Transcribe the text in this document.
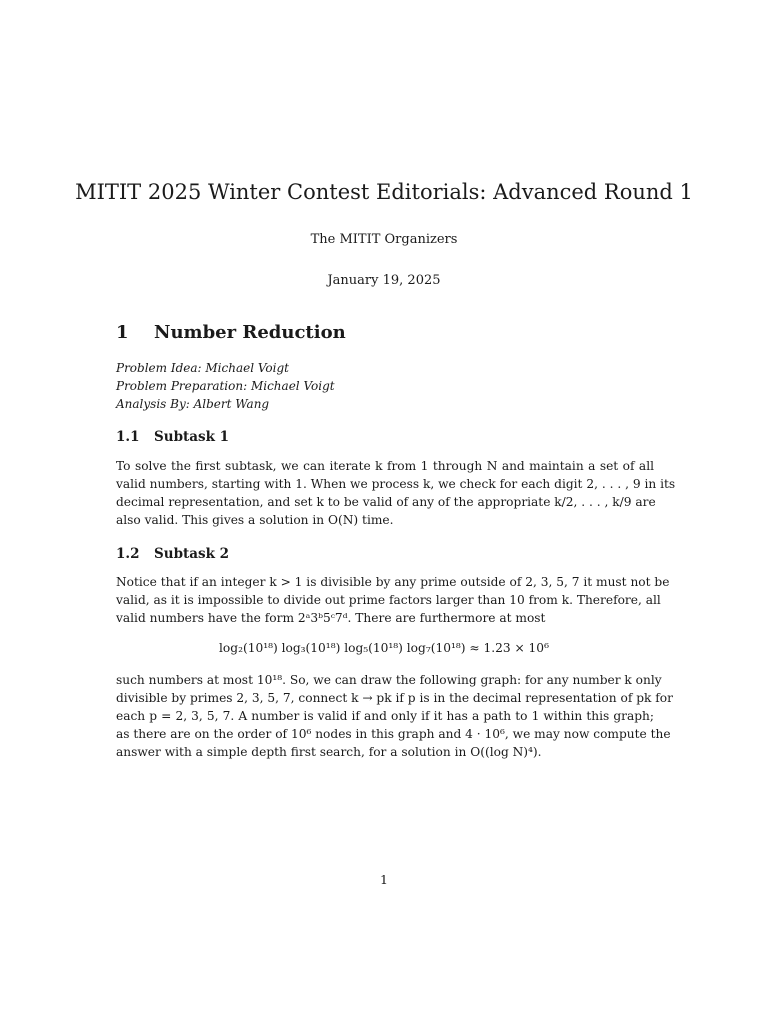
MITIT 2025 Winter Contest Editorials: Advanced Round 1
The MITIT Organizers
January 19, 2025
1 Number Reduction
Problem Idea: Michael Voigt
Problem Preparation: Michael Voigt
Analysis By: Albert Wang
1.1 Subtask 1
To solve the first subtask, we can iterate k from 1 through N and maintain a set of all
valid numbers, starting with 1. When we process k, we check for each digit 2, . . . , 9 in its
decimal representation, and set k to be valid of any of the appropriate k/2, . . . , k/9 are
also valid. This gives a solution in O(N) time.
1.2 Subtask 2
Notice that if an integer k > 1 is divisible by any prime outside of 2, 3, 5, 7 it must not be
valid, as it is impossible to divide out prime factors larger than 10 from k. Therefore, all
valid numbers have the form 2ᵃ3ᵇ5ᶜ7ᵈ. There are furthermore at most
log₂(10¹⁸) log₃(10¹⁸) log₅(10¹⁸) log₇(10¹⁸) ≈ 1.23 × 10⁶
such numbers at most 10¹⁸. So, we can draw the following graph: for any number k only
divisible by primes 2, 3, 5, 7, connect k → pk if p is in the decimal representation of pk for
each p = 2, 3, 5, 7. A number is valid if and only if it has a path to 1 within this graph;
as there are on the order of 10⁶ nodes in this graph and 4 · 10⁶, we may now compute the
answer with a simple depth first search, for a solution in O((log N)⁴).
1
